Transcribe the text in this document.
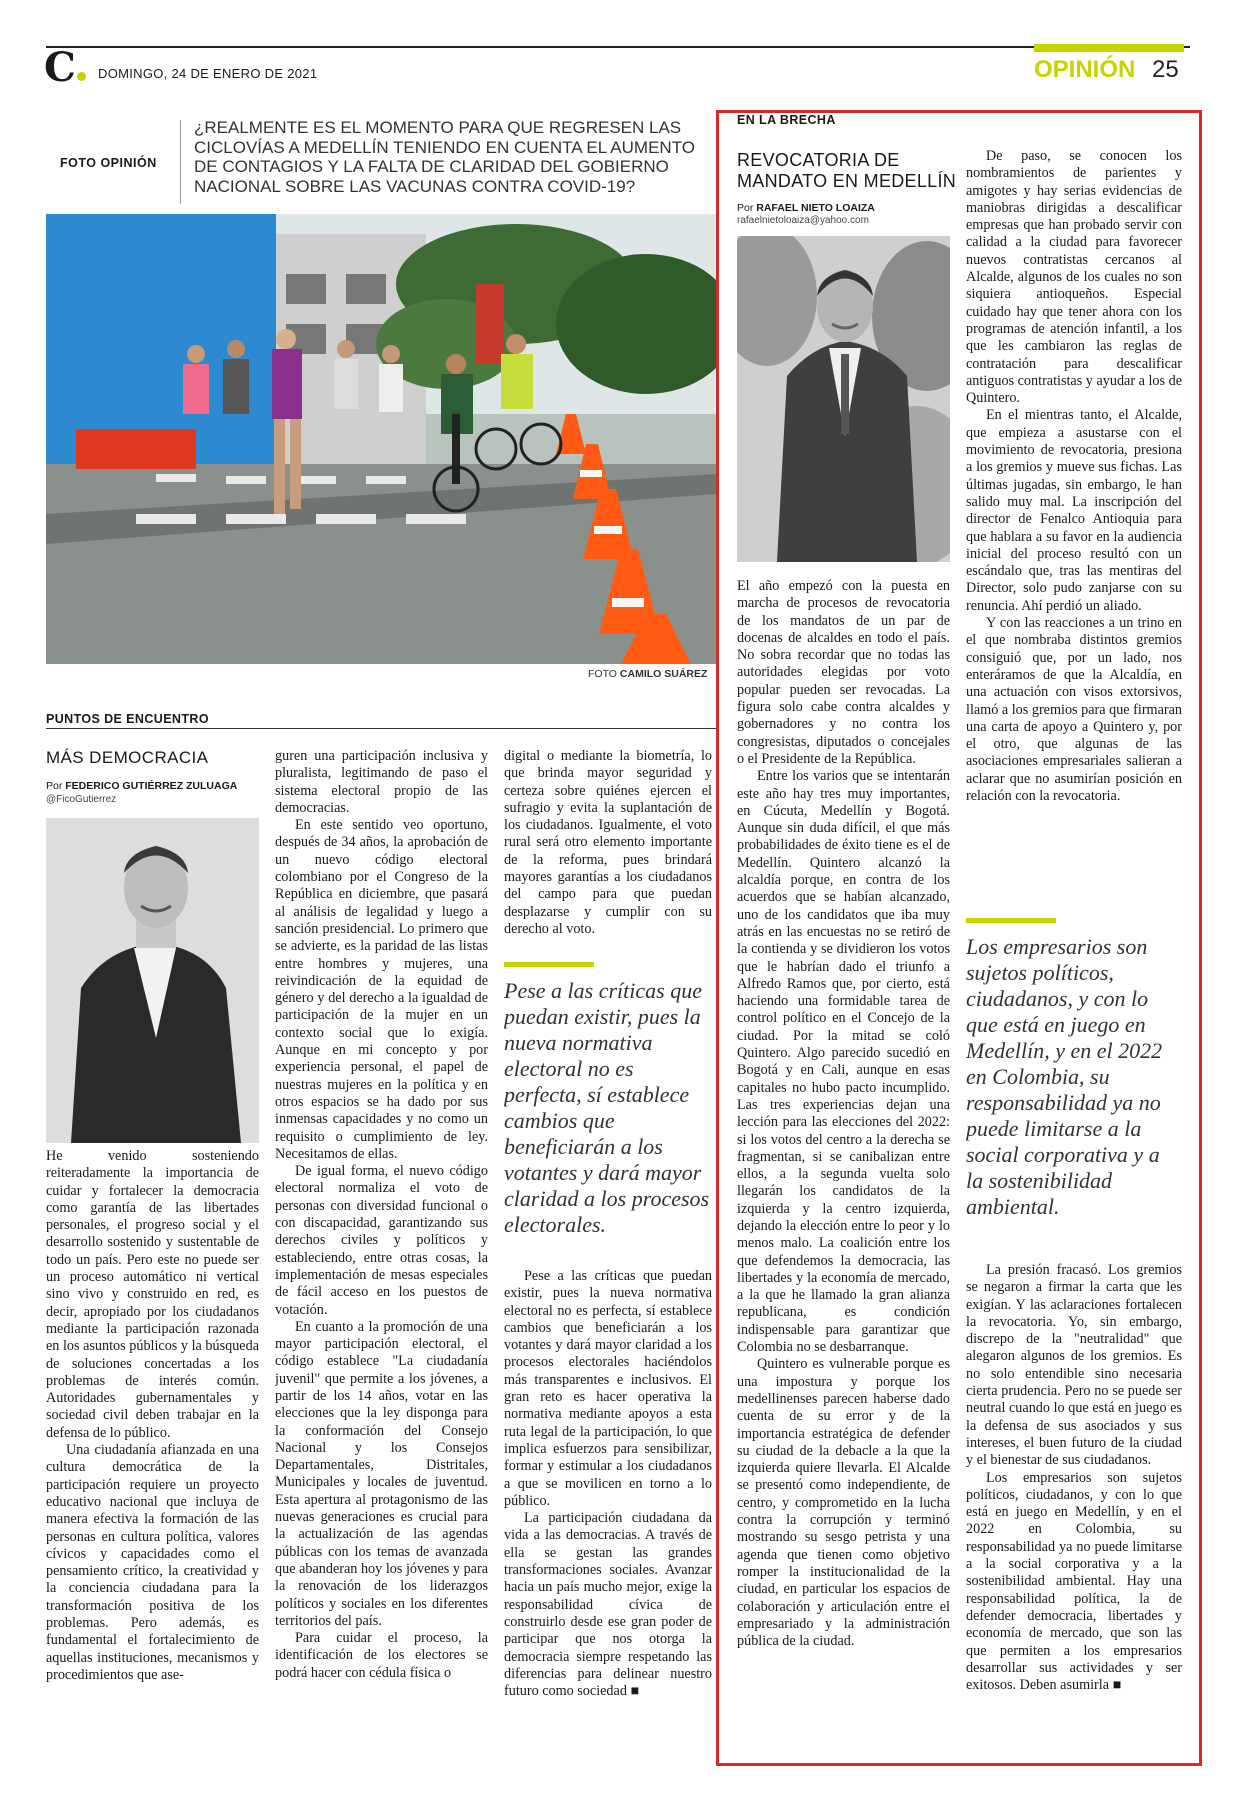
C	DOMINGO, 24 DE ENERO DE 2021	OPINIÓN 25
FOTO OPINIÓN
¿REALMENTE ES EL MOMENTO PARA QUE REGRESEN LAS CICLOVÍAS A MEDELLÍN TENIENDO EN CUENTA EL AUMENTO DE CONTAGIOS Y LA FALTA DE CLARIDAD DEL GOBIERNO NACIONAL SOBRE LAS VACUNAS CONTRA COVID-19?
FOTO CAMILO SUÁREZ
PUNTOS DE ENCUENTRO
MÁS DEMOCRACIA
Por FEDERICO GUTIÉRREZ ZULUAGA
@FicoGutierrez

He venido sosteniendo reiteradamente la importancia de cuidar y fortalecer la democracia como garantía de las libertades personales, el progreso social y el desarrollo sostenido y sustentable de todo un país. Pero este no puede ser un proceso automático ni vertical sino vivo y construido en red, es decir, apropiado por los ciudadanos mediante la participación razonada en los asuntos públicos y la búsqueda de soluciones concertadas a los problemas de interés común. Autoridades gubernamentales y sociedad civil deben trabajar en la defensa de lo público.

Una ciudadanía afianzada en una cultura democrática de la participación requiere un proyecto educativo nacional que incluya de manera efectiva la formación de las personas en cultura política, valores cívicos y capacidades como el pensamiento crítico, la creatividad y la conciencia ciudadana para la transformación positiva de los problemas. Pero además, es fundamental el fortalecimiento de aquellas instituciones, mecanismos y procedimientos que ase-

guren una participación inclusiva y pluralista, legitimando de paso el sistema electoral propio de las democracias.

En este sentido veo oportuno, después de 34 años, la aprobación de un nuevo código electoral colombiano por el Congreso de la República en diciembre, que pasará al análisis de legalidad y luego a sanción presidencial. Lo primero que se advierte, es la paridad de las listas entre hombres y mujeres, una reivindicación de la equidad de género y del derecho a la igualdad de participación de la mujer en un contexto social que lo exigía. Aunque en mi concepto y por experiencia personal, el papel de nuestras mujeres en la política y en otros espacios se ha dado por sus inmensas capacidades y no como un requisito o cumplimiento de ley. Necesitamos de ellas.

De igual forma, el nuevo código electoral normaliza el voto de personas con diversidad funcional o con discapacidad, garantizando sus derechos civiles y políticos y estableciendo, entre otras cosas, la implementación de mesas especiales de fácil acceso en los puestos de votación.

En cuanto a la promoción de una mayor participación electoral, el código establece "La ciudadanía juvenil" que permite a los jóvenes, a partir de los 14 años, votar en las elecciones que la ley disponga para la conformación del Consejo Nacional y los Consejos Departamentales, Distritales, Municipales y locales de juventud. Esta apertura al protagonismo de las nuevas generaciones es crucial para la actualización de las agendas públicas con los temas de avanzada que abanderan hoy los jóvenes y para la renovación de los liderazgos políticos y sociales en los diferentes territorios del país.

Para cuidar el proceso, la identificación de los electores se podrá hacer con cédula física o

digital o mediante la biometría, lo que brinda mayor seguridad y certeza sobre quiénes ejercen el sufragio y evita la suplantación de los ciudadanos. Igualmente, el voto rural será otro elemento importante de la reforma, pues brindará mayores garantías a los ciudadanos del campo para que puedan desplazarse y cumplir con su derecho al voto.

Pese a las críticas que puedan existir, pues la nueva normativa electoral no es perfecta, sí establece cambios que beneficiarán a los votantes y dará mayor claridad a los procesos electorales.

Pese a las críticas que puedan existir, pues la nueva normativa electoral no es perfecta, sí establece cambios que beneficiarán a los votantes y dará mayor claridad a los procesos electorales haciéndolos más transparentes e inclusivos. El gran reto es hacer operativa la normativa mediante apoyos a esta ruta legal de la participación, lo que implica esfuerzos para sensibilizar, formar y estimular a los ciudadanos a que se movilicen en torno a lo público.

La participación ciudadana da vida a las democracias. A través de ella se gestan las grandes transformaciones sociales. Avanzar hacia un país mucho mejor, exige la responsabilidad cívica de construirlo desde ese gran poder de participar que nos otorga la democracia siempre respetando las diferencias para delinear nuestro futuro como sociedad ■

EN LA BRECHA
REVOCATORIA DE MANDATO EN MEDELLÍN
Por RAFAEL NIETO LOAIZA
rafaelnietoloaiza@yahoo.com

El año empezó con la puesta en marcha de procesos de revocatoria de los mandatos de un par de docenas de alcaldes en todo el país. No sobra recordar que no todas las autoridades elegidas por voto popular pueden ser revocadas. La figura solo cabe contra alcaldes y gobernadores y no contra los congresistas, diputados o concejales o el Presidente de la República.

Entre los varios que se intentarán este año hay tres muy importantes, en Cúcuta, Medellín y Bogotá. Aunque sin duda difícil, el que más probabilidades de éxito tiene es el de Medellín. Quintero alcanzó la alcaldía porque, en contra de los acuerdos que se habían alcanzado, uno de los candidatos que iba muy atrás en las encuestas no se retiró de la contienda y se dividieron los votos que le habrían dado el triunfo a Alfredo Ramos que, por cierto, está haciendo una formidable tarea de control político en el Concejo de la ciudad. Por la mitad se coló Quintero. Algo parecido sucedió en Bogotá y en Cali, aunque en esas capitales no hubo pacto incumplido. Las tres experiencias dejan una lección para las elecciones del 2022: si los votos del centro a la derecha se fragmentan, si se canibalizan entre ellos, a la segunda vuelta solo llegarán los candidatos de la izquierda y la centro izquierda, dejando la elección entre lo peor y lo menos malo. La coalición entre los que defendemos la democracia, las libertades y la economía de mercado, a la que he llamado la gran alianza republicana, es condición indispensable para garantizar que Colombia no se desbarranque.

Quintero es vulnerable porque es una impostura y porque los medellinenses parecen haberse dado cuenta de su error y de la importancia estratégica de defender su ciudad de la debacle a la que la izquierda quiere llevarla. El Alcalde se presentó como independiente, de centro, y comprometido en la lucha contra la corrupción y terminó mostrando su sesgo petrista y una agenda que tienen como objetivo romper la institucionalidad de la ciudad, en particular los espacios de colaboración y articulación entre el empresariado y la administración pública de la ciudad.

De paso, se conocen los nombramientos de parientes y amigotes y hay serias evidencias de maniobras dirigidas a descalificar empresas que han probado servir con calidad a la ciudad para favorecer nuevos contratistas cercanos al Alcalde, algunos de los cuales no son siquiera antioqueños. Especial cuidado hay que tener ahora con los programas de atención infantil, a los que les cambiaron las reglas de contratación para descalificar antiguos contratistas y ayudar a los de Quintero.

En el mientras tanto, el Alcalde, que empieza a asustarse con el movimiento de revocatoria, presiona a los gremios y mueve sus fichas. Las últimas jugadas, sin embargo, le han salido muy mal. La inscripción del director de Fenalco Antioquia para que hablara a su favor en la audiencia inicial del proceso resultó con un escándalo que, tras las mentiras del Director, solo pudo zanjarse con su renuncia. Ahí perdió un aliado.

Y con las reacciones a un trino en el que nombraba distintos gremios consiguió que, por un lado, nos enteráramos de que la Alcaldía, en una actuación con visos extorsivos, llamó a los gremios para que firmaran una carta de apoyo a Quintero y, por el otro, que algunas de las asociaciones empresariales salieran a aclarar que no asumirían posición en relación con la revocatoria.

Los empresarios son sujetos políticos, ciudadanos, y con lo que está en juego en Medellín, y en el 2022 en Colombia, su responsabilidad ya no puede limitarse a la social corporativa y a la sostenibilidad ambiental.

La presión fracasó. Los gremios se negaron a firmar la carta que les exigían. Y las aclaraciones fortalecen la revocatoria. Yo, sin embargo, discrepo de la "neutralidad" que alegaron algunos de los gremios. Es no solo entendible sino necesaria cierta prudencia. Pero no se puede ser neutral cuando lo que está en juego es la defensa de sus asociados y sus intereses, el buen futuro de la ciudad y el bienestar de sus ciudadanos.

Los empresarios son sujetos políticos, ciudadanos, y con lo que está en juego en Medellín, y en el 2022 en Colombia, su responsabilidad ya no puede limitarse a la social corporativa y a la sostenibilidad ambiental. Hay una responsabilidad política, la de defender democracia, libertades y economía de mercado, que son las que permiten a los empresarios desarrollar sus actividades y ser exitosos. Deben asumirla ■
